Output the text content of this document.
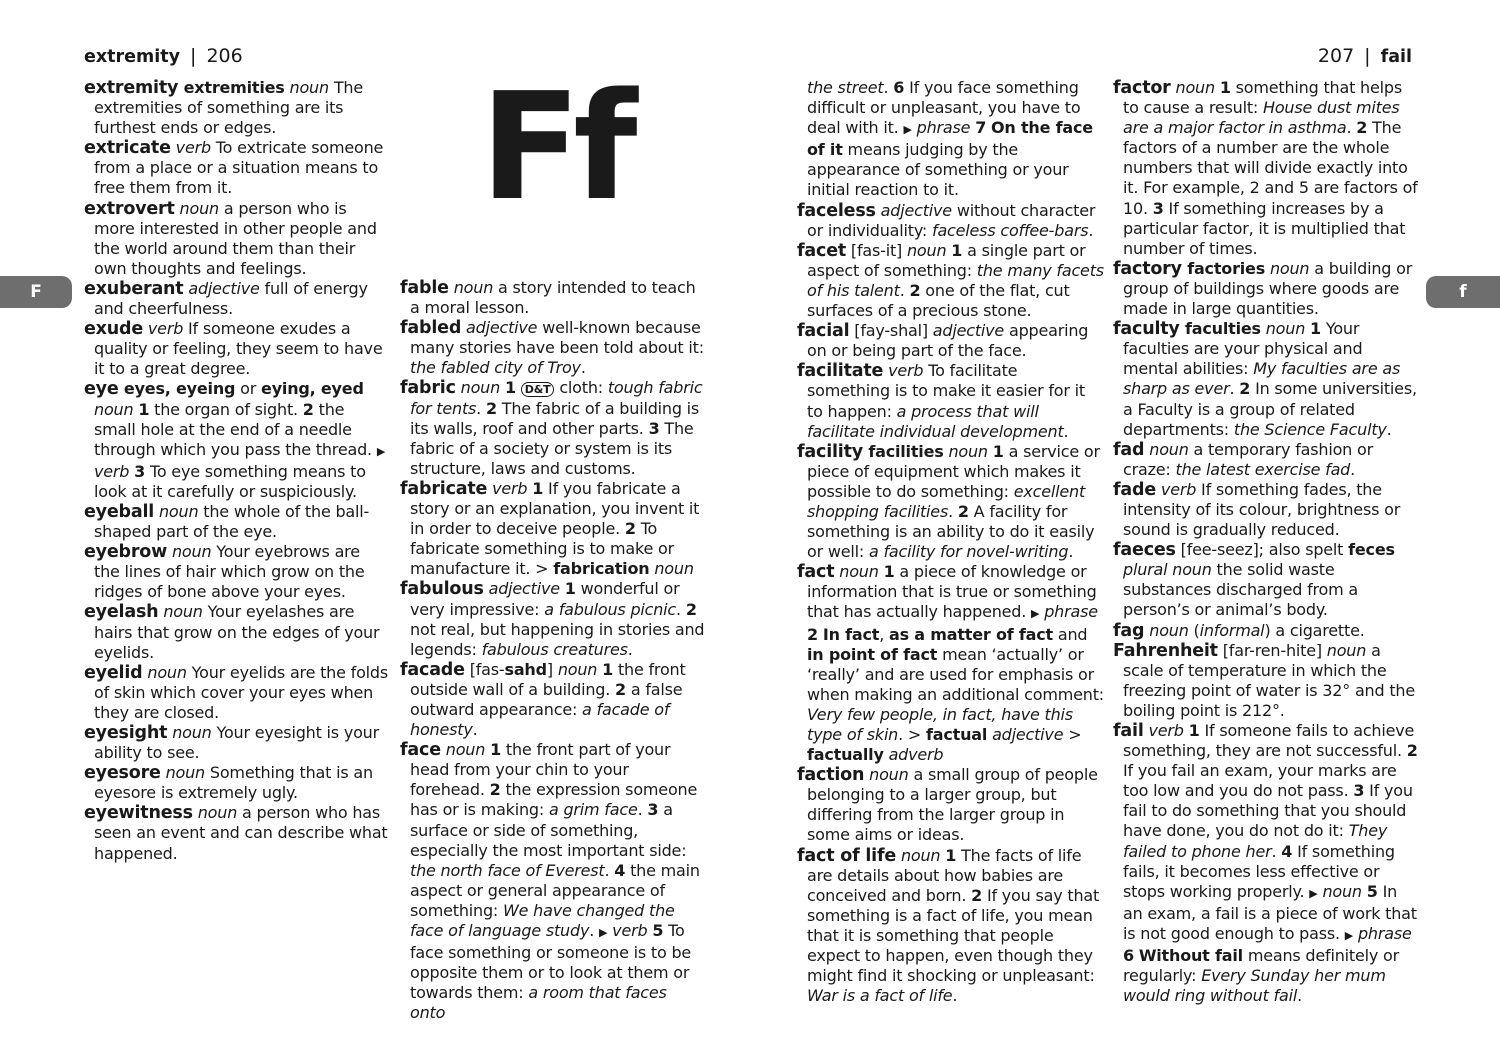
extremity | 206	207 | fail
F	f
Ff

extremity extremities noun The extremities of something are its furthest ends or edges.

extricate verb To extricate someone from a place or a situation means to free them from it.

extrovert noun a person who is more interested in other people and the world around them than their own thoughts and feelings.

exuberant adjective full of energy and cheerfulness.

exude verb If someone exudes a quality or feeling, they seem to have it to a great degree.

eye eyes, eyeing or eying, eyed noun 1 the organ of sight. 2 the small hole at the end of a needle through which you pass the thread. ▶ verb 3 To eye something means to look at it carefully or suspiciously.

eyeball noun the whole of the ball-shaped part of the eye.

eyebrow noun Your eyebrows are the lines of hair which grow on the ridges of bone above your eyes.

eyelash noun Your eyelashes are hairs that grow on the edges of your eyelids.

eyelid noun Your eyelids are the folds of skin which cover your eyes when they are closed.

eyesight noun Your eyesight is your ability to see.

eyesore noun Something that is an eyesore is extremely ugly.

eyewitness noun a person who has seen an event and can describe what happened.

fable noun a story intended to teach a moral lesson.

fabled adjective well-known because many stories have been told about it: the fabled city of Troy.

fabric noun 1 D&T cloth: tough fabric for tents. 2 The fabric of a building is its walls, roof and other parts. 3 The fabric of a society or system is its structure, laws and customs.

fabricate verb 1 If you fabricate a story or an explanation, you invent it in order to deceive people. 2 To fabricate something is to make or manufacture it. > fabrication noun

fabulous adjective 1 wonderful or very impressive: a fabulous picnic. 2 not real, but happening in stories and legends: fabulous creatures.

facade [fas-sahd] noun 1 the front outside wall of a building. 2 a false outward appearance: a facade of honesty.

face noun 1 the front part of your head from your chin to your forehead. 2 the expression someone has or is making: a grim face. 3 a surface or side of something, especially the most important side: the north face of Everest. 4 the main aspect or general appearance of something: We have changed the face of language study. ▶ verb 5 To face something or someone is to be opposite them or to look at them or towards them: a room that faces onto

the street. 6 If you face something difficult or unpleasant, you have to deal with it. ▶ phrase 7 On the face of it means judging by the appearance of something or your initial reaction to it.

faceless adjective without character or individuality: faceless coffee-bars.

facet [fas-it] noun 1 a single part or aspect of something: the many facets of his talent. 2 one of the flat, cut surfaces of a precious stone.

facial [fay-shal] adjective appearing on or being part of the face.

facilitate verb To facilitate something is to make it easier for it to happen: a process that will facilitate individual development.

facility facilities noun 1 a service or piece of equipment which makes it possible to do something: excellent shopping facilities. 2 A facility for something is an ability to do it easily or well: a facility for novel-writing.

fact noun 1 a piece of knowledge or information that is true or something that has actually happened. ▶ phrase 2 In fact, as a matter of fact and in point of fact mean ‘actually’ or ‘really’ and are used for emphasis or when making an additional comment: Very few people, in fact, have this type of skin. > factual adjective > factually adverb

faction noun a small group of people belonging to a larger group, but differing from the larger group in some aims or ideas.

fact of life noun 1 The facts of life are details about how babies are conceived and born. 2 If you say that something is a fact of life, you mean that it is something that people expect to happen, even though they might find it shocking or unpleasant: War is a fact of life.

factor noun 1 something that helps to cause a result: House dust mites are a major factor in asthma. 2 The factors of a number are the whole numbers that will divide exactly into it. For example, 2 and 5 are factors of 10. 3 If something increases by a particular factor, it is multiplied that number of times.

factory factories noun a building or group of buildings where goods are made in large quantities.

faculty faculties noun 1 Your faculties are your physical and mental abilities: My faculties are as sharp as ever. 2 In some universities, a Faculty is a group of related departments: the Science Faculty.

fad noun a temporary fashion or craze: the latest exercise fad.

fade verb If something fades, the intensity of its colour, brightness or sound is gradually reduced.

faeces [fee-seez]; also spelt feces plural noun the solid waste substances discharged from a person’s or animal’s body.

fag noun (informal) a cigarette.

Fahrenheit [far-ren-hite] noun a scale of temperature in which the freezing point of water is 32° and the boiling point is 212°.

fail verb 1 If someone fails to achieve something, they are not successful. 2 If you fail an exam, your marks are too low and you do not pass. 3 If you fail to do something that you should have done, you do not do it: They failed to phone her. 4 If something fails, it becomes less effective or stops working properly. ▶ noun 5 In an exam, a fail is a piece of work that is not good enough to pass. ▶ phrase 6 Without fail means definitely or regularly: Every Sunday her mum would ring without fail.
